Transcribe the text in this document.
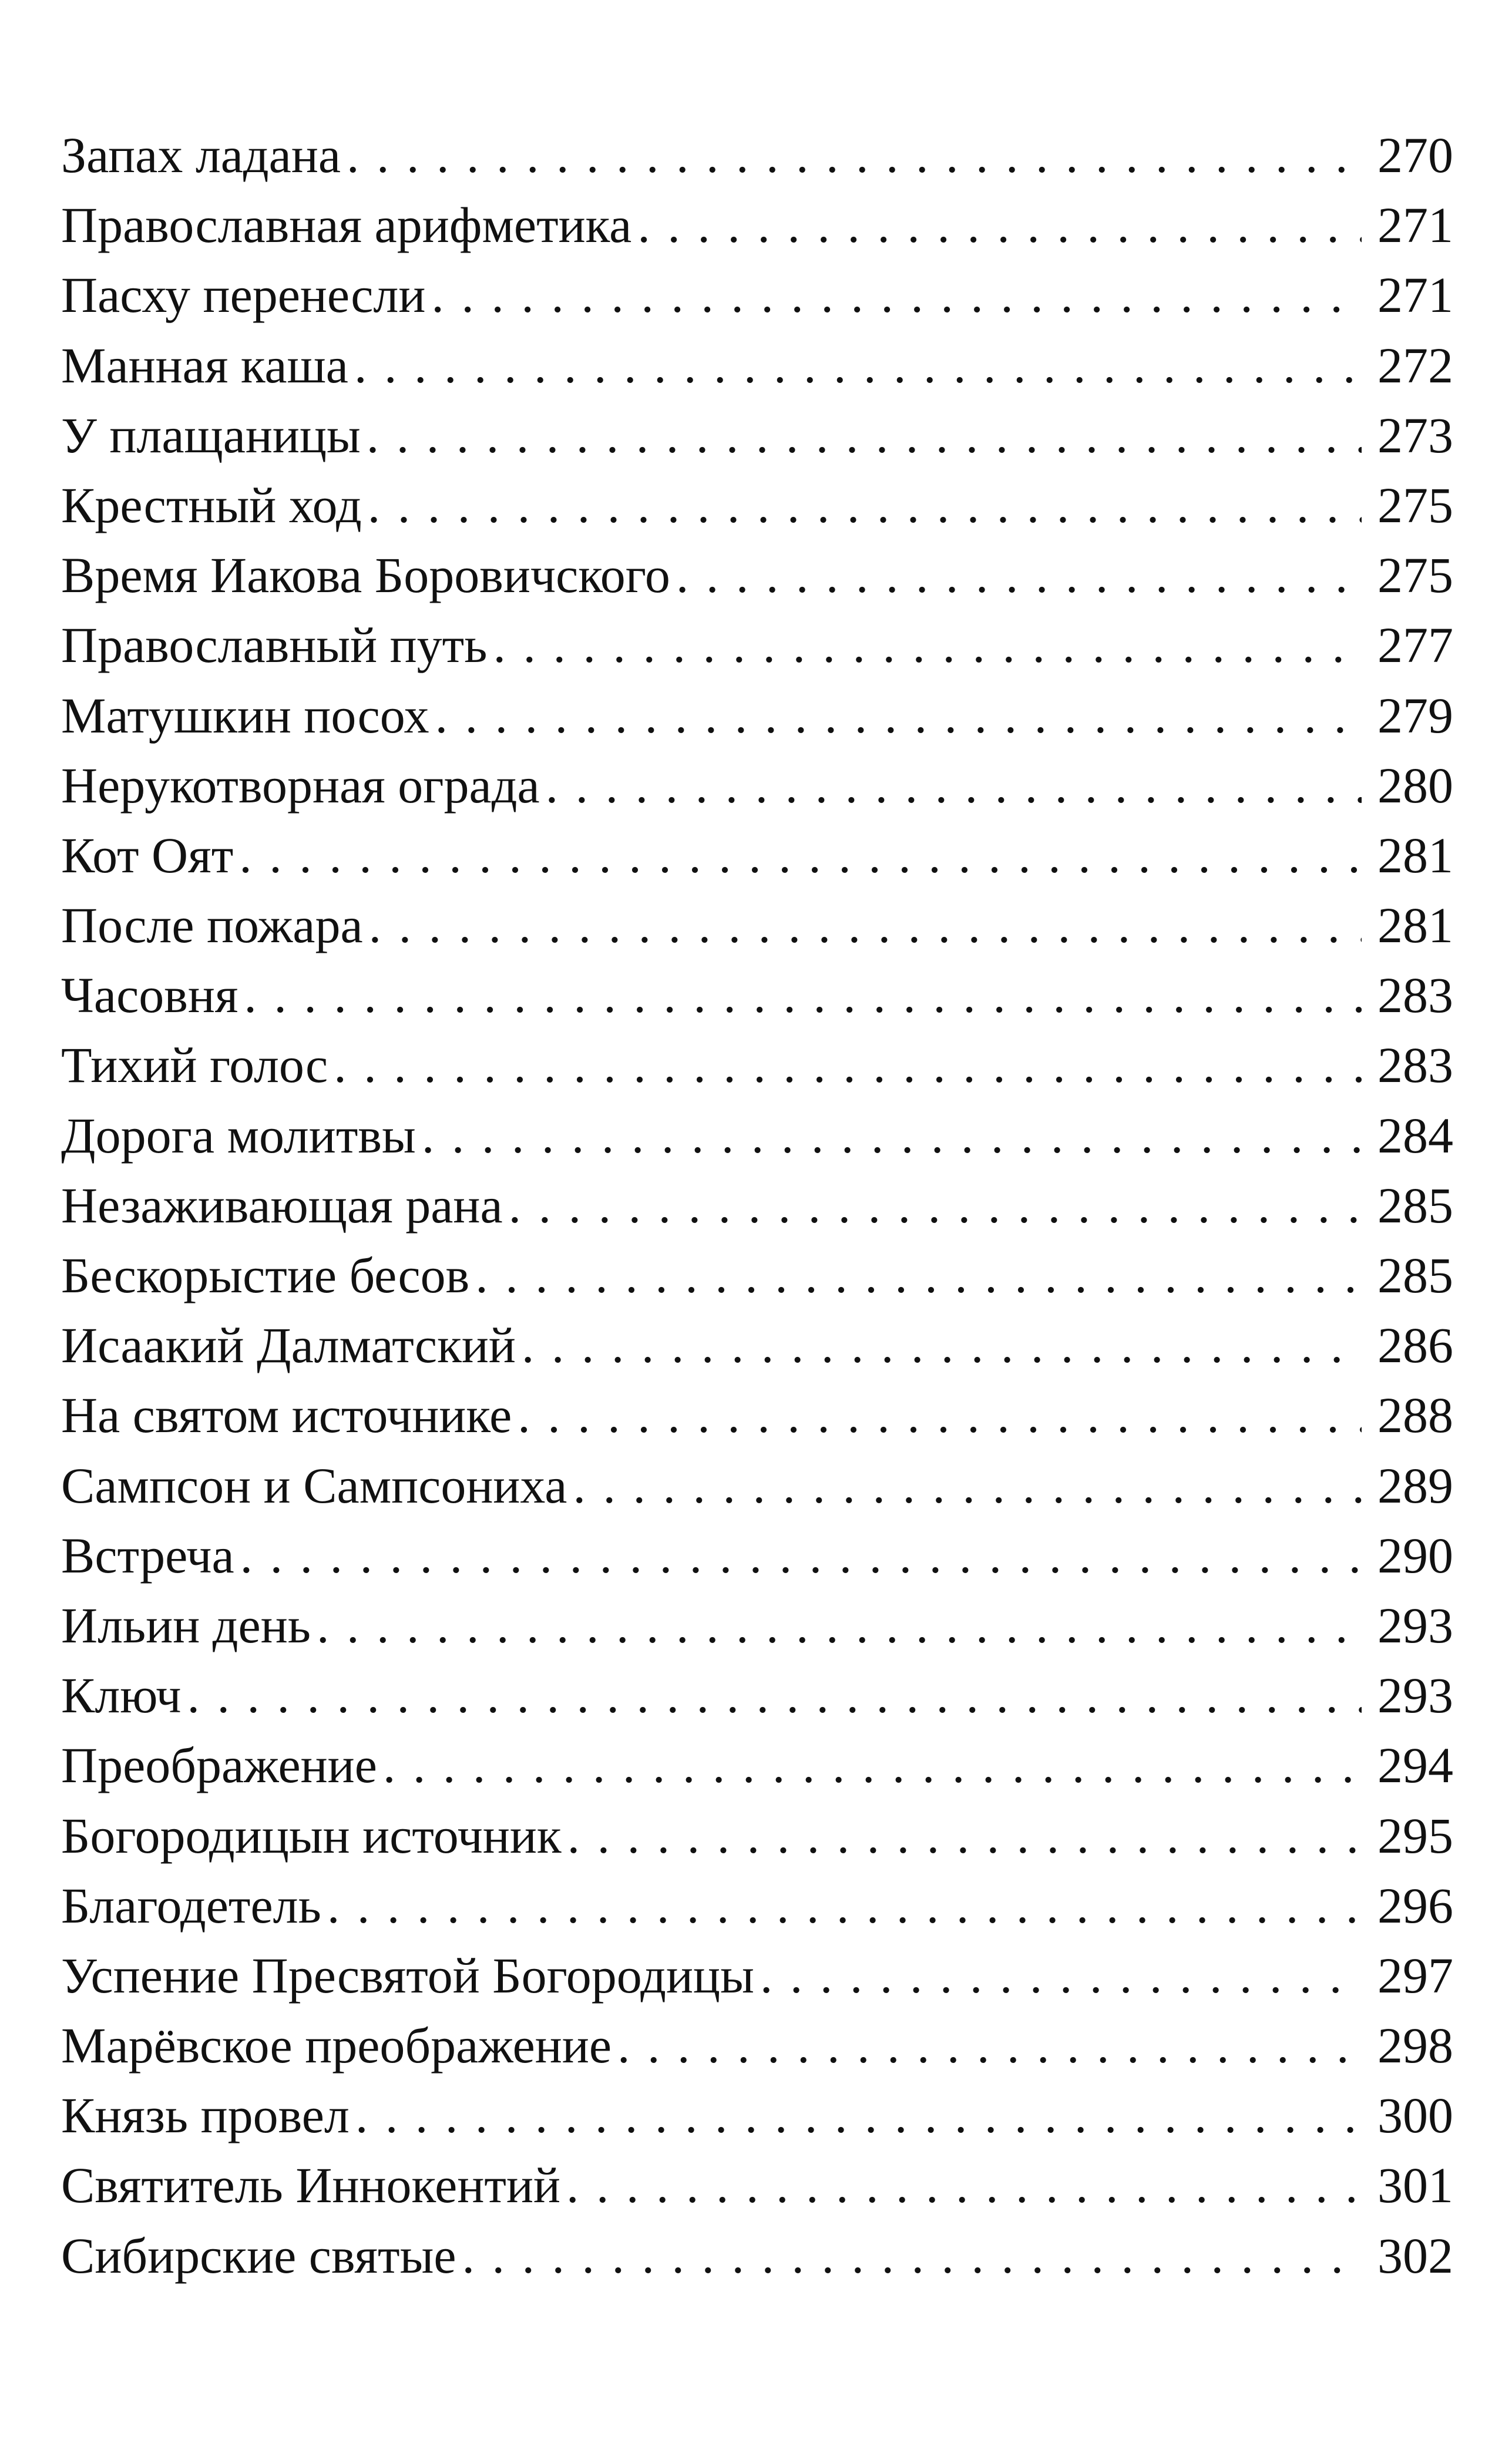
Запах ладана . . .	270
Православная арифметика . . .	271
Пасху перенесли . . .	271
Манная каша . . .	272
У плащаницы . . .	273
Крестный ход . . .	275
Время Иакова Боровичского . . .	275
Православный путь . . .	277
Матушкин посох . . .	279
Нерукотворная ограда . . .	280
Кот Оят . . .	281
После пожара . . .	281
Часовня . . .	283
Тихий голос . . .	283
Дорога молитвы . . .	284
Незаживающая рана . . .	285
Бескорыстие бесов . . .	285
Исаакий Далматский . . .	286
На святом источнике . . .	288
Сампсон и Сампсониха . . .	289
Встреча . . .	290
Ильин день . . .	293
Ключ . . .	293
Преображение . . .	294
Богородицын источник . . .	295
Благодетель . . .	296
Успение Пресвятой Богородицы . . .	297
Марёвское преображение . . .	298
Князь провел . . .	300
Святитель Иннокентий . . .	301
Сибирские святые . . .	302
